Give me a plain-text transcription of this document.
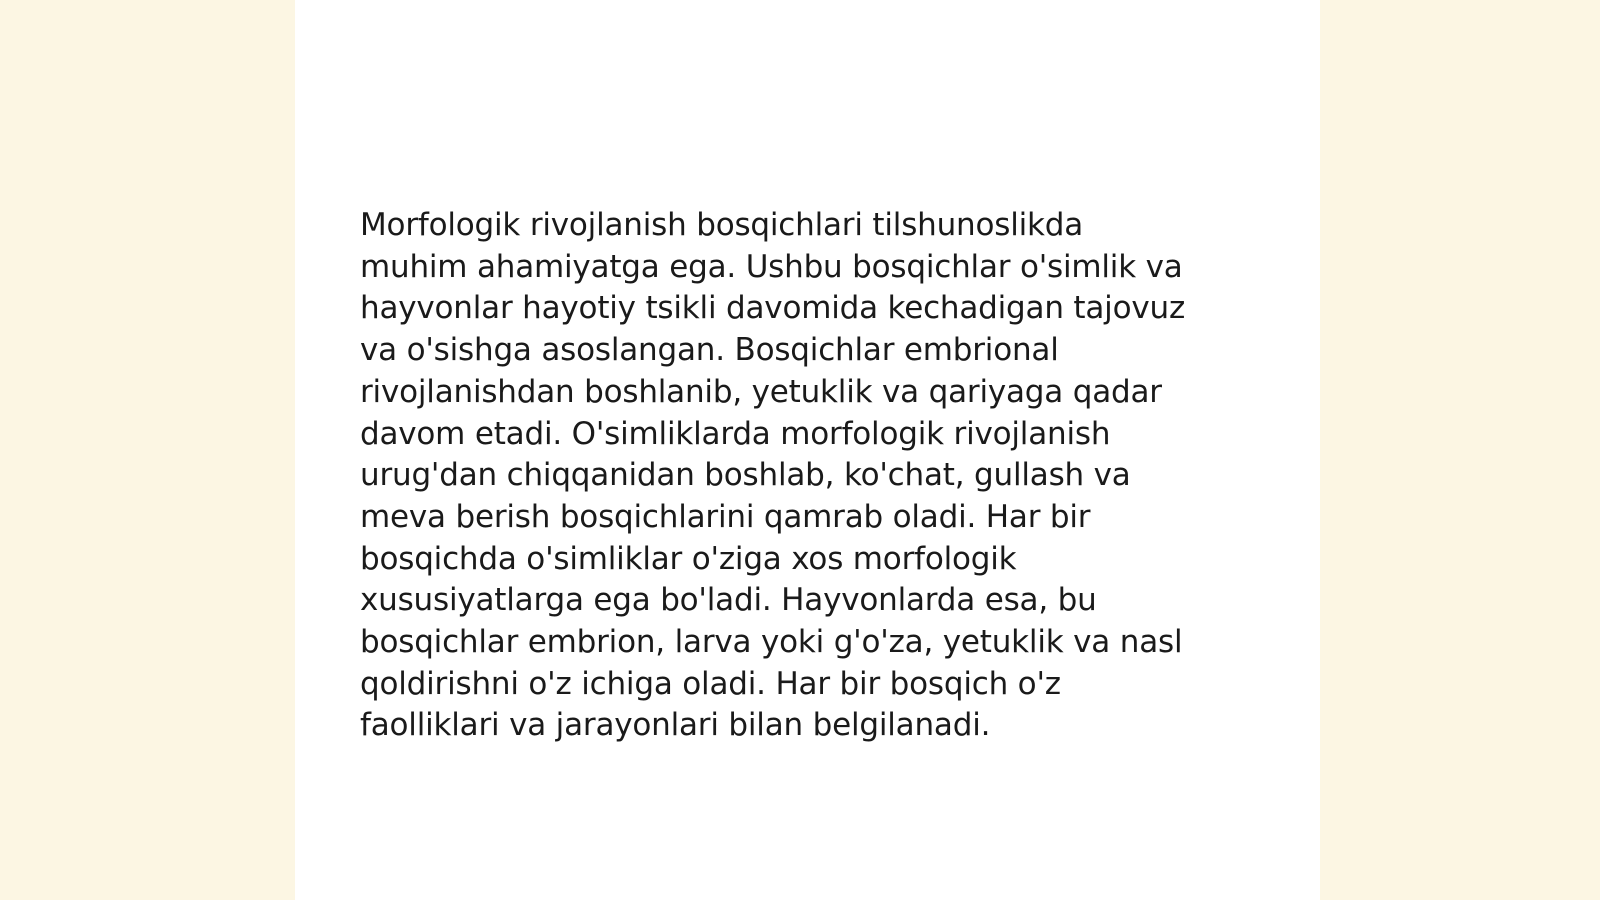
Morfologik rivojlanish bosqichlari tilshunoslikda
muhim ahamiyatga ega. Ushbu bosqichlar o'simlik va
hayvonlar hayotiy tsikli davomida kechadigan tajovuz
va o'sishga asoslangan. Bosqichlar embrional
rivojlanishdan boshlanib, yetuklik va qariyaga qadar
davom etadi. O'simliklarda morfologik rivojlanish
urug'dan chiqqanidan boshlab, ko'chat, gullash va
meva berish bosqichlarini qamrab oladi. Har bir
bosqichda o'simliklar o'ziga xos morfologik
xususiyatlarga ega bo'ladi. Hayvonlarda esa, bu
bosqichlar embrion, larva yoki g'o'za, yetuklik va nasl
qoldirishni o'z ichiga oladi. Har bir bosqich o'z
faolliklari va jarayonlari bilan belgilanadi.
